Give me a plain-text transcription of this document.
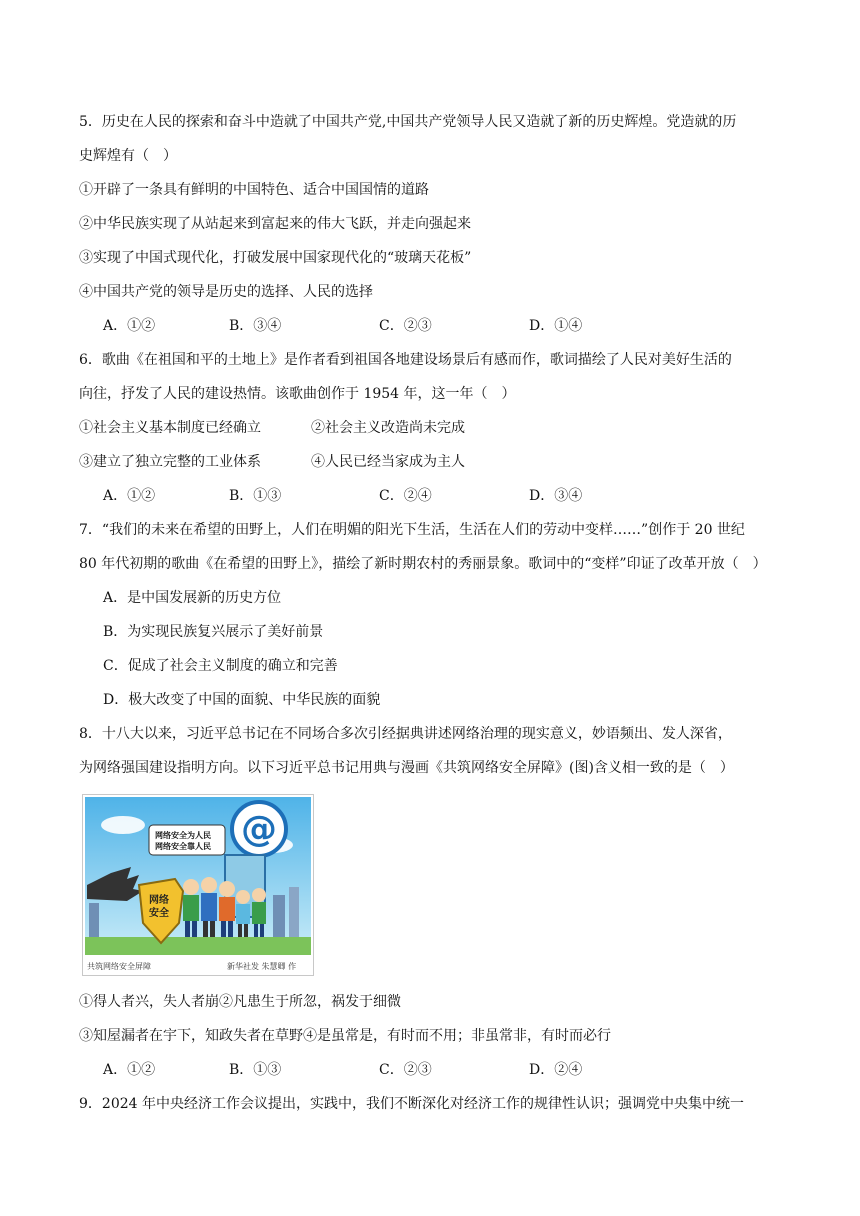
5．历史在人民的探索和奋斗中造就了中国共产党,中国共产党领导人民又造就了新的历史辉煌。党造就的历
史辉煌有（　）
①开辟了一条具有鲜明的中国特色、适合中国国情的道路
②中华民族实现了从站起来到富起来的伟大飞跃，并走向强起来
③实现了中国式现代化，打破发展中国家现代化的“玻璃天花板”
④中国共产党的领导是历史的选择、人民的选择
A．①②	B．③④	C．②③	D．①④
6．歌曲《在祖国和平的土地上》是作者看到祖国各地建设场景后有感而作，歌词描绘了人民对美好生活的
向往，抒发了人民的建设热情。该歌曲创作于 1954 年，这一年（　）
①社会主义基本制度已经确立	②社会主义改造尚未完成
③建立了独立完整的工业体系	④人民已经当家成为主人
A．①②	B．①③	C．②④	D．③④
7．“我们的未来在希望的田野上，人们在明媚的阳光下生活，生活在人们的劳动中变样……”创作于 20 世纪
80 年代初期的歌曲《在希望的田野上》，描绘了新时期农村的秀丽景象。歌词中的“变样”印证了改革开放（　）
A．是中国发展新的历史方位
B．为实现民族复兴展示了美好前景
C．促成了社会主义制度的确立和完善
D．极大改变了中国的面貌、中华民族的面貌
8．十八大以来，习近平总书记在不同场合多次引经据典讲述网络治理的现实意义，妙语频出、发人深省，
为网络强国建设指明方向。以下习近平总书记用典与漫画《共筑网络安全屏障》(图)含义相一致的是（　）
@
网络安全为人民
网络安全靠人民
网络
安全
共筑网络安全屏障	新华社发 朱慧卿 作
①得人者兴，失人者崩②凡患生于所忽，祸发于细微
③知屋漏者在宇下，知政失者在草野④是虽常是，有时而不用；非虽常非，有时而必行
A．①②	B．①③	C．②③	D．②④
9．2024 年中央经济工作会议提出，实践中，我们不断深化对经济工作的规律性认识；强调党中央集中统一
